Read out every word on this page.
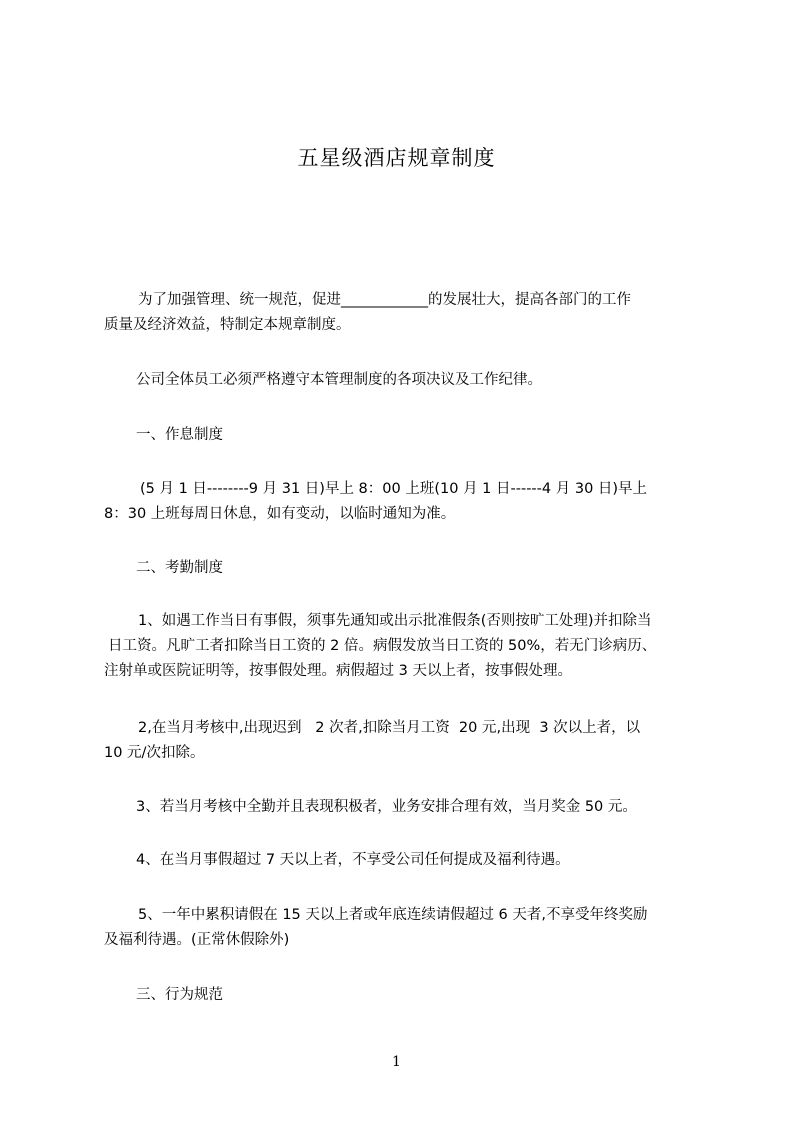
五星级酒店规章制度

为了加强管理、统一规范，促进____________的发展壮大，提高各部门的工作
质量及经济效益，特制定本规章制度。

公司全体员工必须严格遵守本管理制度的各项决议及工作纪律。

一、作息制度

(5 月 1 日--------9 月 31 日)早上 8：00 上班(10 月 1 日------4 月 30 日)早上
8：30 上班每周日休息，如有变动，以临时通知为准。

二、考勤制度

1、如遇工作当日有事假，须事先通知或出示批准假条(否则按旷工处理)并扣除当
日工资。凡旷工者扣除当日工资的 2 倍。病假发放当日工资的 50%，若无门诊病历、
注射单或医院证明等，按事假处理。病假超过 3 天以上者，按事假处理。

2,在当月考核中,出现迟到   2 次者,扣除当月工资  20 元,出现  3 次以上者，以
10 元/次扣除。

3、若当月考核中全勤并且表现积极者，业务安排合理有效，当月奖金 50 元。

4、在当月事假超过 7 天以上者，不享受公司任何提成及福利待遇。

5、一年中累积请假在 15 天以上者或年底连续请假超过 6 天者,不享受年终奖励
及福利待遇。(正常休假除外)

三、行为规范

1
